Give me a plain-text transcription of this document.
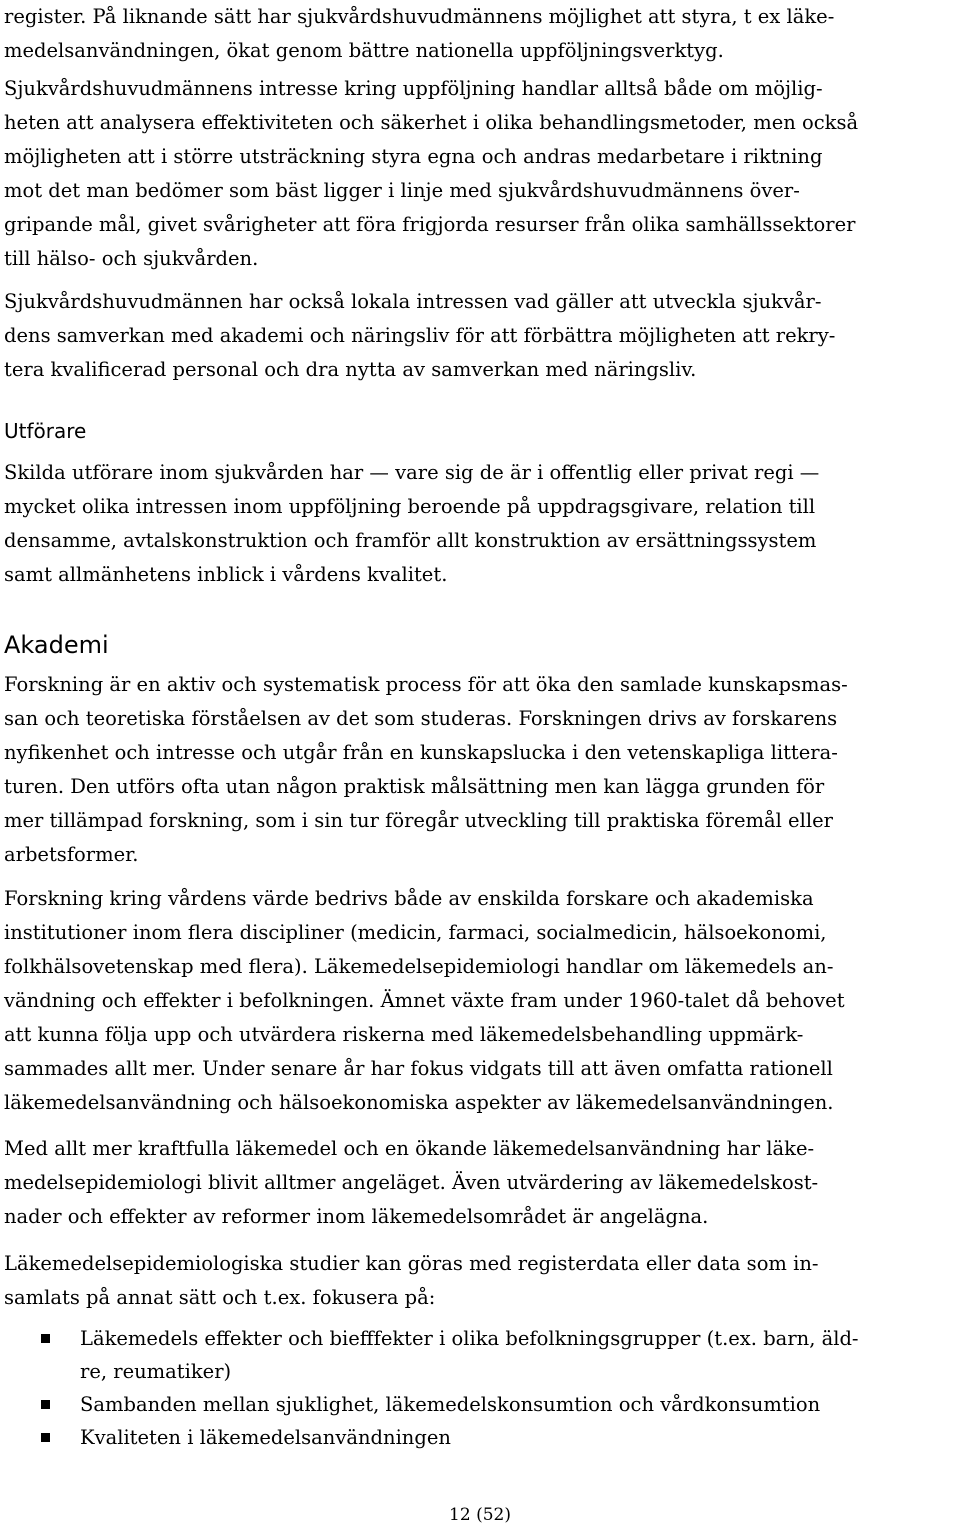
register. På liknande sätt har sjukvårdshuvudmännens möjlighet att styra, t ex läke-
medelsanvändningen, ökat genom bättre nationella uppföljningsverktyg.

Sjukvårdshuvudmännens intresse kring uppföljning handlar alltså både om möjlig-
heten att analysera effektiviteten och säkerhet i olika behandlingsmetoder, men också
möjligheten att i större utsträckning styra egna och andras medarbetare i riktning
mot det man bedömer som bäst ligger i linje med sjukvårdshuvudmännens över-
gripande mål, givet svårigheter att föra frigjorda resurser från olika samhällssektorer
till hälso- och sjukvården.

Sjukvårdshuvudmännen har också lokala intressen vad gäller att utveckla sjukvår-
dens samverkan med akademi och näringsliv för att förbättra möjligheten att rekry-
tera kvalificerad personal och dra nytta av samverkan med näringsliv.

Utförare

Skilda utförare inom sjukvården har — vare sig de är i offentlig eller privat regi —
mycket olika intressen inom uppföljning beroende på uppdragsgivare, relation till
densamme, avtalskonstruktion och framför allt konstruktion av ersättningssystem
samt allmänhetens inblick i vårdens kvalitet.

Akademi

Forskning är en aktiv och systematisk process för att öka den samlade kunskapsmas-
san och teoretiska förståelsen av det som studeras. Forskningen drivs av forskarens
nyfikenhet och intresse och utgår från en kunskapslucka i den vetenskapliga littera-
turen. Den utförs ofta utan någon praktisk målsättning men kan lägga grunden för
mer tillämpad forskning, som i sin tur föregår utveckling till praktiska föremål eller
arbetsformer.

Forskning kring vårdens värde bedrivs både av enskilda forskare och akademiska
institutioner inom flera discipliner (medicin, farmaci, socialmedicin, hälsoekonomi,
folkhälsovetenskap med flera). Läkemedelsepidemiologi handlar om läkemedels an-
vändning och effekter i befolkningen. Ämnet växte fram under 1960-talet då behovet
att kunna följa upp och utvärdera riskerna med läkemedelsbehandling uppmärk-
sammades allt mer. Under senare år har fokus vidgats till att även omfatta rationell
läkemedelsanvändning och hälsoekonomiska aspekter av läkemedelsanvändningen.

Med allt mer kraftfulla läkemedel och en ökande läkemedelsanvändning har läke-
medelsepidemiologi blivit alltmer angeläget. Även utvärdering av läkemedelskost-
nader och effekter av reformer inom läkemedelsområdet är angelägna.

Läkemedelsepidemiologiska studier kan göras med registerdata eller data som in-
samlats på annat sätt och t.ex. fokusera på:

Läkemedels effekter och biefffekter i olika befolkningsgrupper (t.ex. barn, äld-
re, reumatiker)
Sambanden mellan sjuklighet, läkemedelskonsumtion och vårdkonsumtion
Kvaliteten i läkemedelsanvändningen
12 (52)
